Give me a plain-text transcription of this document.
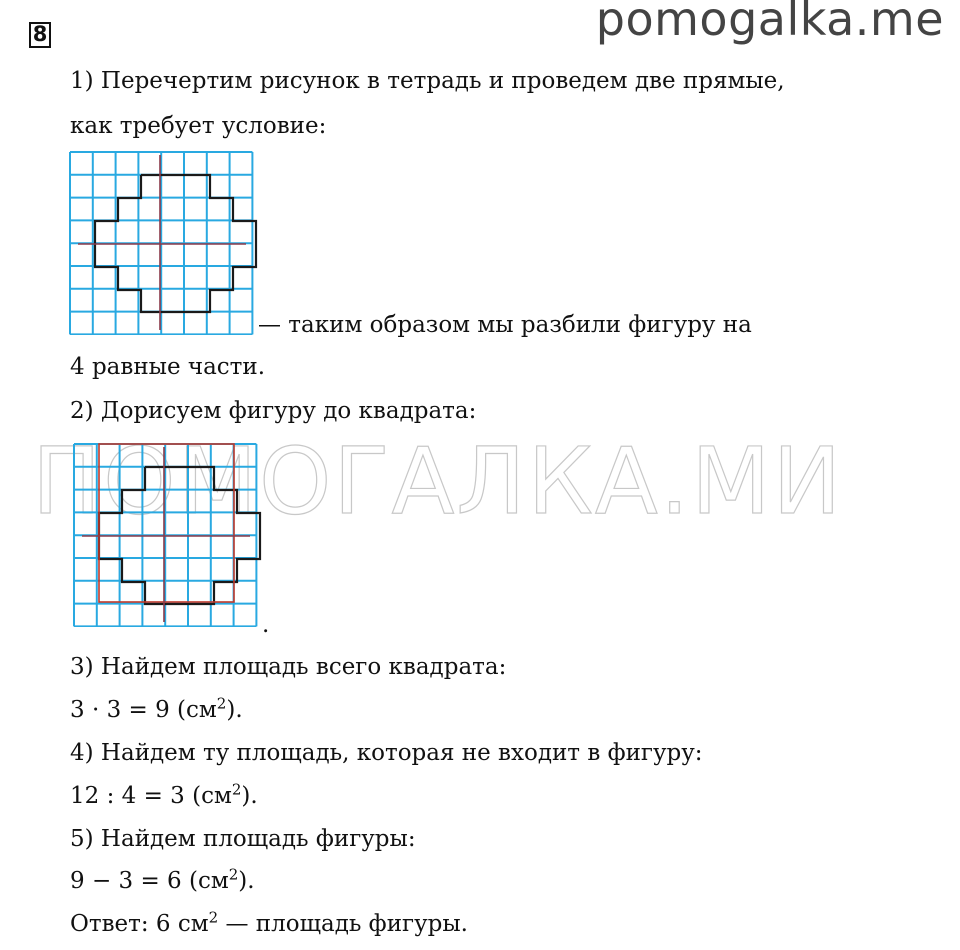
8	pomogalka.me
ПОМОГАЛКА.МИ
1) Перечертим рисунок в тетрадь и проведем две прямые,
как требует условие:
— таким образом мы разбили фигуру на
4 равные части.
2) Дорисуем фигуру до квадрата:
.
3) Найдем площадь всего квадрата:
3 · 3 = 9 $(см^2)$.
4) Найдем ту площадь, которая не входит в фигуру:
12 : 4 = 3 $(см^2)$.
5) Найдем площадь фигуры:
9 − 3 = 6 $(см^2)$.
Ответ: 6 $см^2$ — площадь фигуры.
